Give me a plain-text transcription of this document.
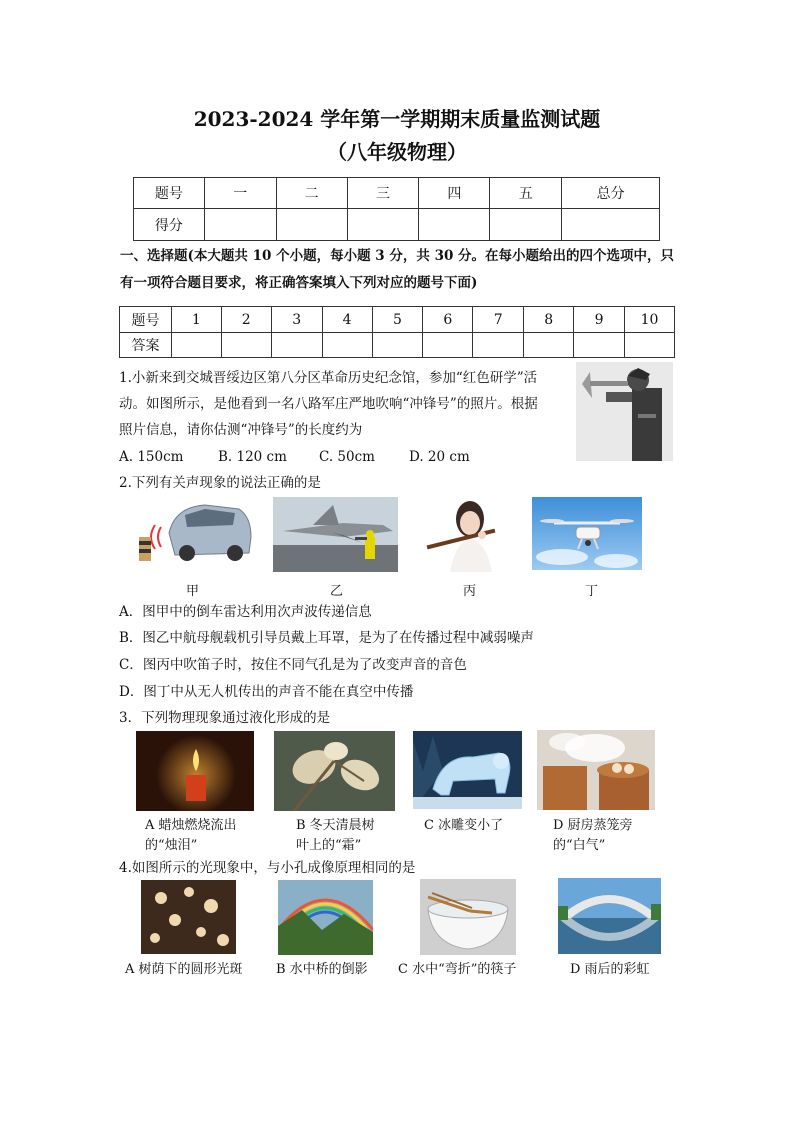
2023-2024 学年第一学期期末质量监测试题
（八年级物理）
题号	一	二	三	四	五	总分
得分						
一、选择题(本大题共 10 个小题，每小题 3 分，共 30 分。在每小题给出的四个选项中，只
有一项符合题目要求，将正确答案填入下列对应的题号下面)
题号	1	2	3	4	5	6	7	8	9	10
答案										
1.小新来到交城晋绥边区第八分区革命历史纪念馆，参加“红色研学”活
动。如图所示，是他看到一名八路军庄严地吹响“冲锋号”的照片。根据
照片信息，请你估测“冲锋号”的长度约为
A. 150cm	B. 120 cm C. 50cm	D. 20 cm
2.下列有关声现象的说法正确的是
甲	乙	丙	丁
A．图甲中的倒车雷达利用次声波传递信息
B．图乙中航母舰载机引导员戴上耳罩，是为了在传播过程中减弱噪声
C．图丙中吹笛子时，按住不同气孔是为了改变声音的音色
D．图丁中从无人机传出的声音不能在真空中传播
3．下列物理现象通过液化形成的是
A 蜡烛燃烧流出
的“烛泪”
B 冬天清晨树
叶上的“霜”
C 冰雕变小了	D 厨房蒸笼旁
的“白气”
4.如图所示的光现象中，与小孔成像原理相同的是
A 树荫下的圆形光斑	B 水中桥的倒影 C 水中“弯折”的筷子	D 雨后的彩虹
